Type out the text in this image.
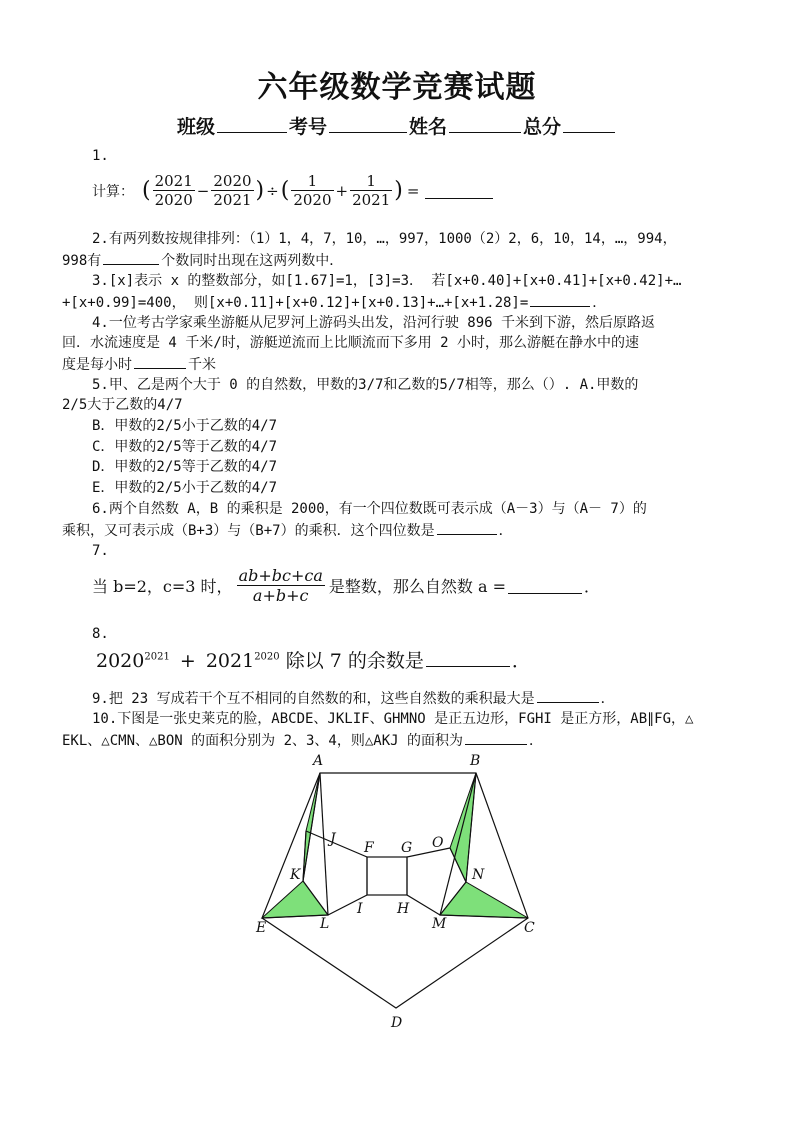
六年级数学竞赛试题
班级	考号	姓名	总分
1.
计算： ( $\frac{2021}{2020} - \frac{2020}{2021}$ ) ÷ ( $\frac{1}{2020} + \frac{1}{2021}$ ) =
2.有两列数按规律排列：（1）1，4，7，10，…，997，1000（2）2，6，10，14，…，994，
998有	个数同时出现在这两列数中．
3.[x]表示 x 的整数部分，如[1.67]=1，[3]=3． 若[x+0.40]+[x+0.41]+[x+0.42]+…
+[x+0.99]=400， 则[x+0.11]+[x+0.12]+[x+0.13]+…+[x+1.28]=	．
4.一位考古学家乘坐游艇从尼罗河上游码头出发，沿河行驶 896 千米到下游，然后原路返
回．水流速度是 4 千米/时，游艇逆流而上比顺流而下多用 2 小时，那么游艇在静水中的速
度是每小时	千米
5.甲、乙是两个大于 0 的自然数，甲数的3/7和乙数的5/7相等，那么（）. A.甲数的
2/5大于乙数的4/7
B．甲数的2/5小于乙数的4/7
C．甲数的2/5等于乙数的4/7
D．甲数的2/5等于乙数的4/7
E．甲数的2/5小于乙数的4/7
6.两个自然数 A，B 的乘积是 2000，有一个四位数既可表示成（A－3）与（A－ 7）的
乘积，又可表示成（B+3）与（B+7）的乘积．这个四位数是	．
7.
当 b=2，c=3 时， $\frac{ab+bc+ca}{a+b+c}$ 是整数，那么自然数 a =	．
8.
$2020^{2021} + 2021^{2020}$ 除以 7 的余数是	．
9.把 23 写成若干个互不相同的自然数的和，这些自然数的乘积最大是	．
10.下图是一张史莱克的脸，ABCDE、JKLIF、GHMNO 是正五边形，FGHI 是正方形，AB∥FG，△
EKL、△CMN、△BON 的面积分别为 2、3、4，则△AKJ 的面积为	．
A	B
C
D
E
F G
H
I
J
K
L	M
N
O
